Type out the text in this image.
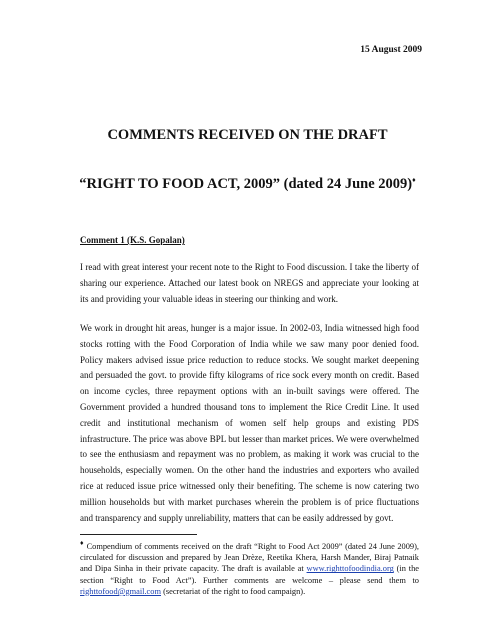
15 August 2009
COMMENTS RECEIVED ON THE DRAFT
“RIGHT TO FOOD ACT, 2009” (dated 24 June 2009)♦
Comment 1 (K.S. Gopalan)

I read with great interest your recent note to the Right to Food discussion. I take the liberty of sharing our experience. Attached our latest book on NREGS and appreciate your looking at its and providing your valuable ideas in steering our thinking and work.

We work in drought hit areas, hunger is a major issue. In 2002-03, India witnessed high food stocks rotting with the Food Corporation of India while we saw many poor denied food. Policy makers advised issue price reduction to reduce stocks. We sought market deepening and persuaded the govt. to provide fifty kilograms of rice sock every month on credit. Based on income cycles, three repayment options with an in-built savings were offered. The Government provided a hundred thousand tons to implement the Rice Credit Line. It used credit and institutional mechanism of women self help groups and existing PDS infrastructure. The price was above BPL but lesser than market prices. We were overwhelmed to see the enthusiasm and repayment was no problem, as making it work was crucial to the households, especially women. On the other hand the industries and exporters who availed rice at reduced issue price witnessed only their benefiting. The scheme is now catering two million households but with market purchases wherein the problem is of price fluctuations and transparency and supply unreliability, matters that can be easily addressed by govt.

♦ Compendium of comments received on the draft “Right to Food Act 2009” (dated 24 June 2009), circulated for discussion and prepared by Jean Drèze, Reetika Khera, Harsh Mander, Biraj Patnaik and Dipa Sinha in their private capacity. The draft is available at www.righttofoodindia.org (in the section “Right to Food Act”). Further comments are welcome – please send them to righttofood@gmail.com (secretariat of the right to food campaign).
